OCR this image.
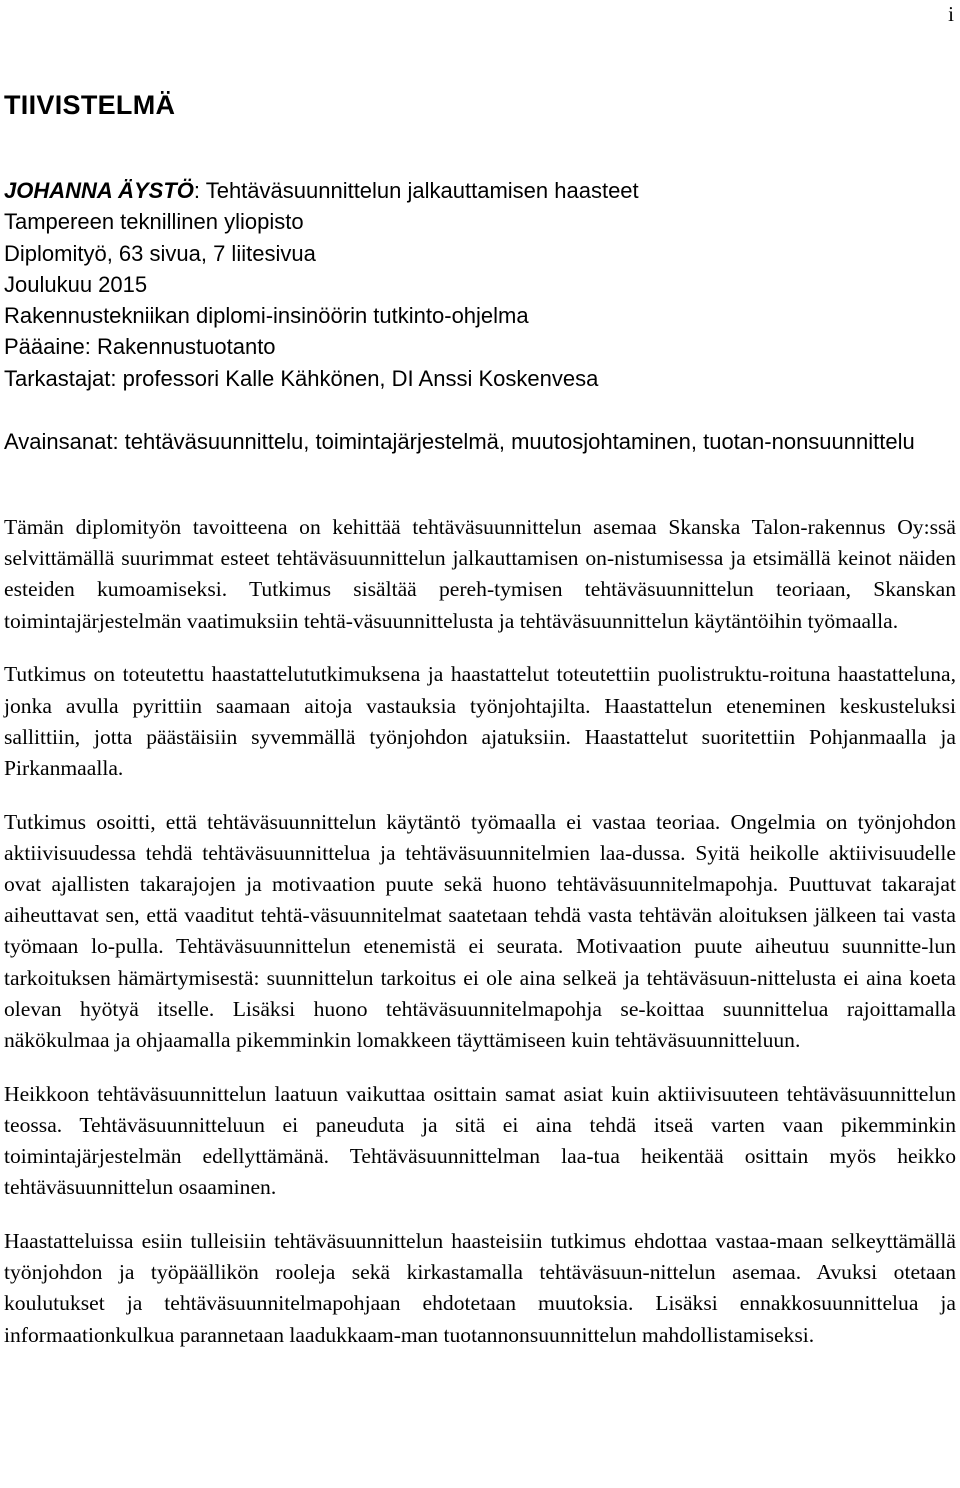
i
TIIVISTELMÄ
JOHANNA ÄYSTÖ: Tehtäväsuunnittelun jalkauttamisen haasteet
Tampereen teknillinen yliopisto
Diplomityö, 63 sivua, 7 liitesivua
Joulukuu 2015
Rakennustekniikan diplomi-insinöörin tutkinto-ohjelma
Pääaine: Rakennustuotanto
Tarkastajat: professori Kalle Kähkönen, DI Anssi Koskenvesa

Avainsanat: tehtäväsuunnittelu, toimintajärjestelmä, muutosjohtaminen, tuotan-nonsuunnittelu

Tämän diplomityön tavoitteena on kehittää tehtäväsuunnittelun asemaa Skanska Talon-rakennus Oy:ssä selvittämällä suurimmat esteet tehtäväsuunnittelun jalkauttamisen on-nistumisessa ja etsimällä keinot näiden esteiden kumoamiseksi. Tutkimus sisältää pereh-tymisen tehtäväsuunnittelun teoriaan, Skanskan toimintajärjestelmän vaatimuksiin tehtä-väsuunnittelusta ja tehtäväsuunnittelun käytäntöihin työmaalla.

Tutkimus on toteutettu haastattelututkimuksena ja haastattelut toteutettiin puolistruktu-roituna haastatteluna, jonka avulla pyrittiin saamaan aitoja vastauksia työnjohtajilta. Haastattelun eteneminen keskusteluksi sallittiin, jotta päästäisiin syvemmällä työnjohdon ajatuksiin. Haastattelut suoritettiin Pohjanmaalla ja Pirkanmaalla.

Tutkimus osoitti, että tehtäväsuunnittelun käytäntö työmaalla ei vastaa teoriaa. Ongelmia on työnjohdon aktiivisuudessa tehdä tehtäväsuunnittelua ja tehtäväsuunnitelmien laa-dussa. Syitä heikolle aktiivisuudelle ovat ajallisten takarajojen ja motivaation puute sekä huono tehtäväsuunnitelmapohja. Puuttuvat takarajat aiheuttavat sen, että vaaditut tehtä-väsuunnitelmat saatetaan tehdä vasta tehtävän aloituksen jälkeen tai vasta työmaan lo-pulla. Tehtäväsuunnittelun etenemistä ei seurata. Motivaation puute aiheutuu suunnitte-lun tarkoituksen hämärtymisestä: suunnittelun tarkoitus ei ole aina selkeä ja tehtäväsuun-nittelusta ei aina koeta olevan hyötyä itselle. Lisäksi huono tehtäväsuunnitelmapohja se-koittaa suunnittelua rajoittamalla näkökulmaa ja ohjaamalla pikemminkin lomakkeen täyttämiseen kuin tehtäväsuunnitteluun.

Heikkoon tehtäväsuunnittelun laatuun vaikuttaa osittain samat asiat kuin aktiivisuuteen tehtäväsuunnittelun teossa. Tehtäväsuunnitteluun ei paneuduta ja sitä ei aina tehdä itseä varten vaan pikemminkin toimintajärjestelmän edellyttämänä. Tehtäväsuunnittelman laa-tua heikentää osittain myös heikko tehtäväsuunnittelun osaaminen.

Haastatteluissa esiin tulleisiin tehtäväsuunnittelun haasteisiin tutkimus ehdottaa vastaa-maan selkeyttämällä työnjohdon ja työpäällikön rooleja sekä kirkastamalla tehtäväsuun-nittelun asemaa. Avuksi otetaan koulutukset ja tehtäväsuunnitelmapohjaan ehdotetaan muutoksia. Lisäksi ennakkosuunnittelua ja informaationkulkua parannetaan laadukkaam-man tuotannonsuunnittelun mahdollistamiseksi.
